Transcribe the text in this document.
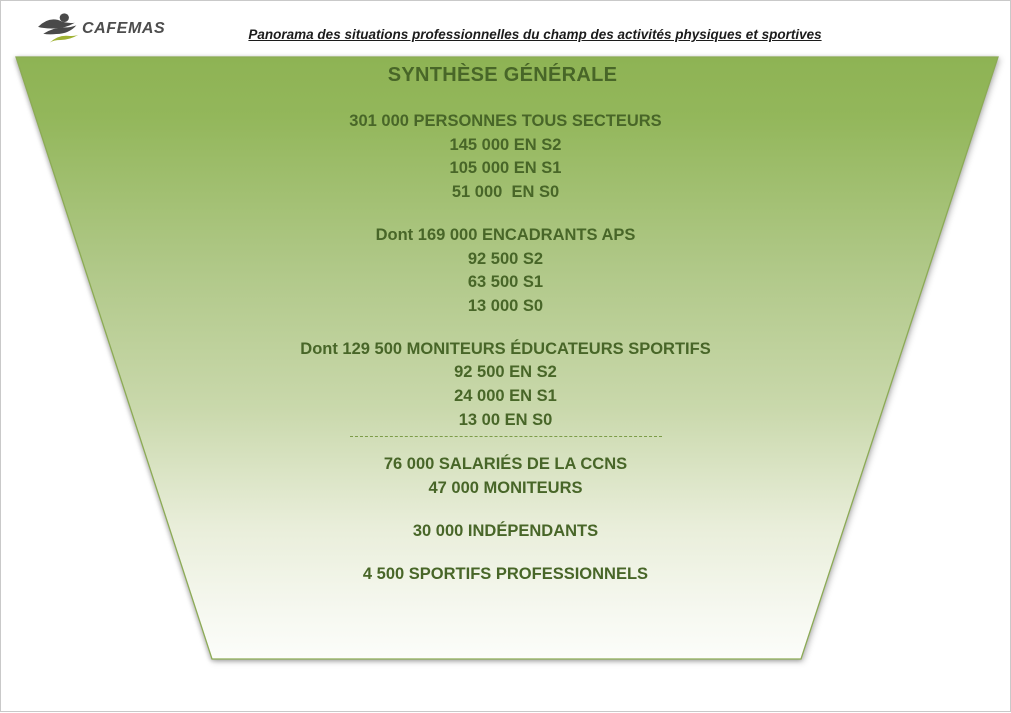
CAFEMAS	Panorama des situations professionnelles du champ des activités physiques et sportives
SYNTHÈSE GÉNÉRALE
301 000 PERSONNES TOUS SECTEURS
145 000 EN S2
105 000 EN S1
51 000  EN S0
Dont 169 000 ENCADRANTS APS
92 500 S2
63 500 S1
13 000 S0
Dont 129 500 MONITEURS ÉDUCATEURS SPORTIFS
92 500 EN S2
24 000 EN S1
13 00 EN S0
76 000 SALARIÉS DE LA CCNS
47 000 MONITEURS
30 000 INDÉPENDANTS
4 500 SPORTIFS PROFESSIONNELS
